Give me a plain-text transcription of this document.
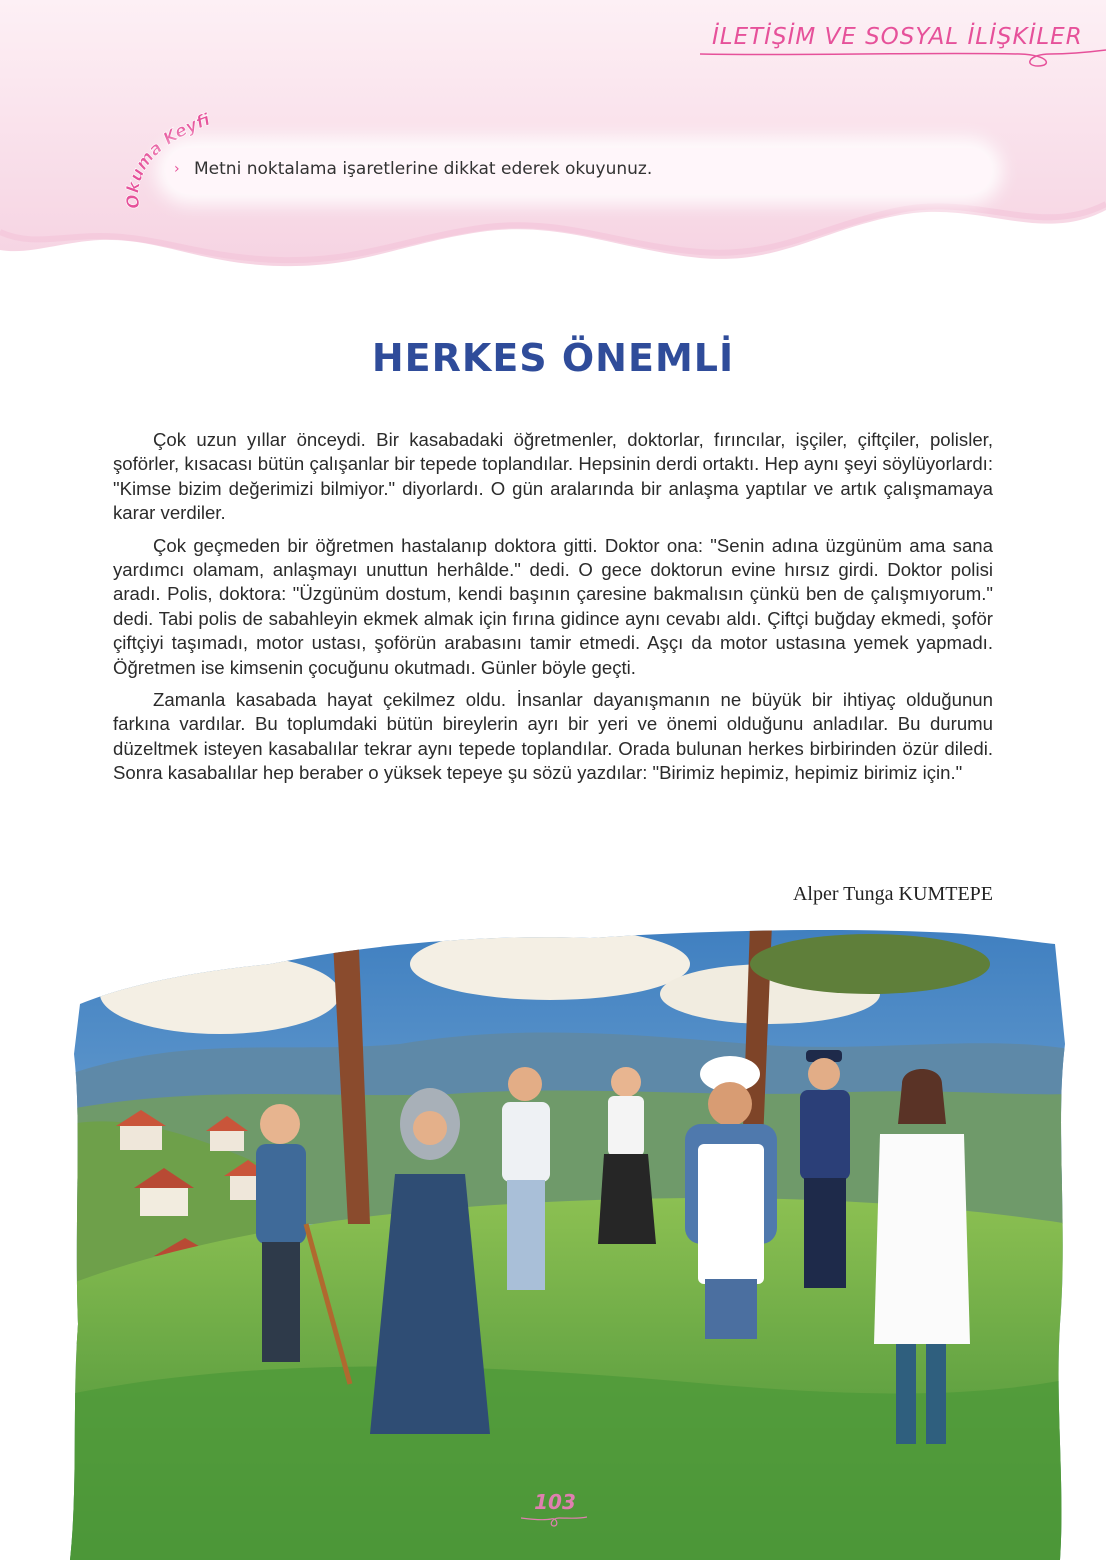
İLETİŞİM VE SOSYAL İLİŞKİLER
Okuma Keyfi
› Metni noktalama işaretlerine dikkat ederek okuyunuz.
HERKES ÖNEMLİ

Çok uzun yıllar önceydi. Bir kasabadaki öğretmenler, doktorlar, fırıncılar, işçiler, çiftçiler, polisler, şoförler, kısacası bütün çalışanlar bir tepede toplandılar. Hepsinin derdi ortaktı. Hep aynı şeyi söylüyorlardı: "Kimse bizim değerimizi bilmiyor." diyorlardı. O gün aralarında bir anlaşma yaptılar ve artık çalışmamaya karar verdiler.

Çok geçmeden bir öğretmen hastalanıp doktora gitti. Doktor ona: "Senin adına üzgünüm ama sana yardımcı olamam, anlaşmayı unuttun herhâlde." dedi. O gece doktorun evine hırsız girdi. Doktor polisi aradı. Polis, doktora: "Üzgünüm dostum, kendi başının çaresine bakmalısın çünkü ben de çalışmıyorum." dedi. Tabi polis de sabahleyin ekmek almak için fırına gidince aynı cevabı aldı. Çiftçi buğday ekmedi, şoför çiftçiyi taşımadı, motor ustası, şoförün arabasını tamir etmedi. Aşçı da motor ustasına yemek yapmadı. Öğretmen ise kimsenin çocuğunu okutmadı. Günler böyle geçti.

Zamanla kasabada hayat çekilmez oldu. İnsanlar dayanışmanın ne büyük bir ihtiyaç olduğunun farkına vardılar. Bu toplumdaki bütün bireylerin ayrı bir yeri ve önemi olduğunu anladılar. Bu durumu düzeltmek isteyen kasabalılar tekrar aynı tepede toplandılar. Orada bulunan herkes birbirinden özür diledi. Sonra kasabalılar hep beraber o yüksek tepeye şu sözü yazdılar: "Birimiz hepimiz, hepimiz birimiz için."

Alper Tunga KUMTEPE
103
